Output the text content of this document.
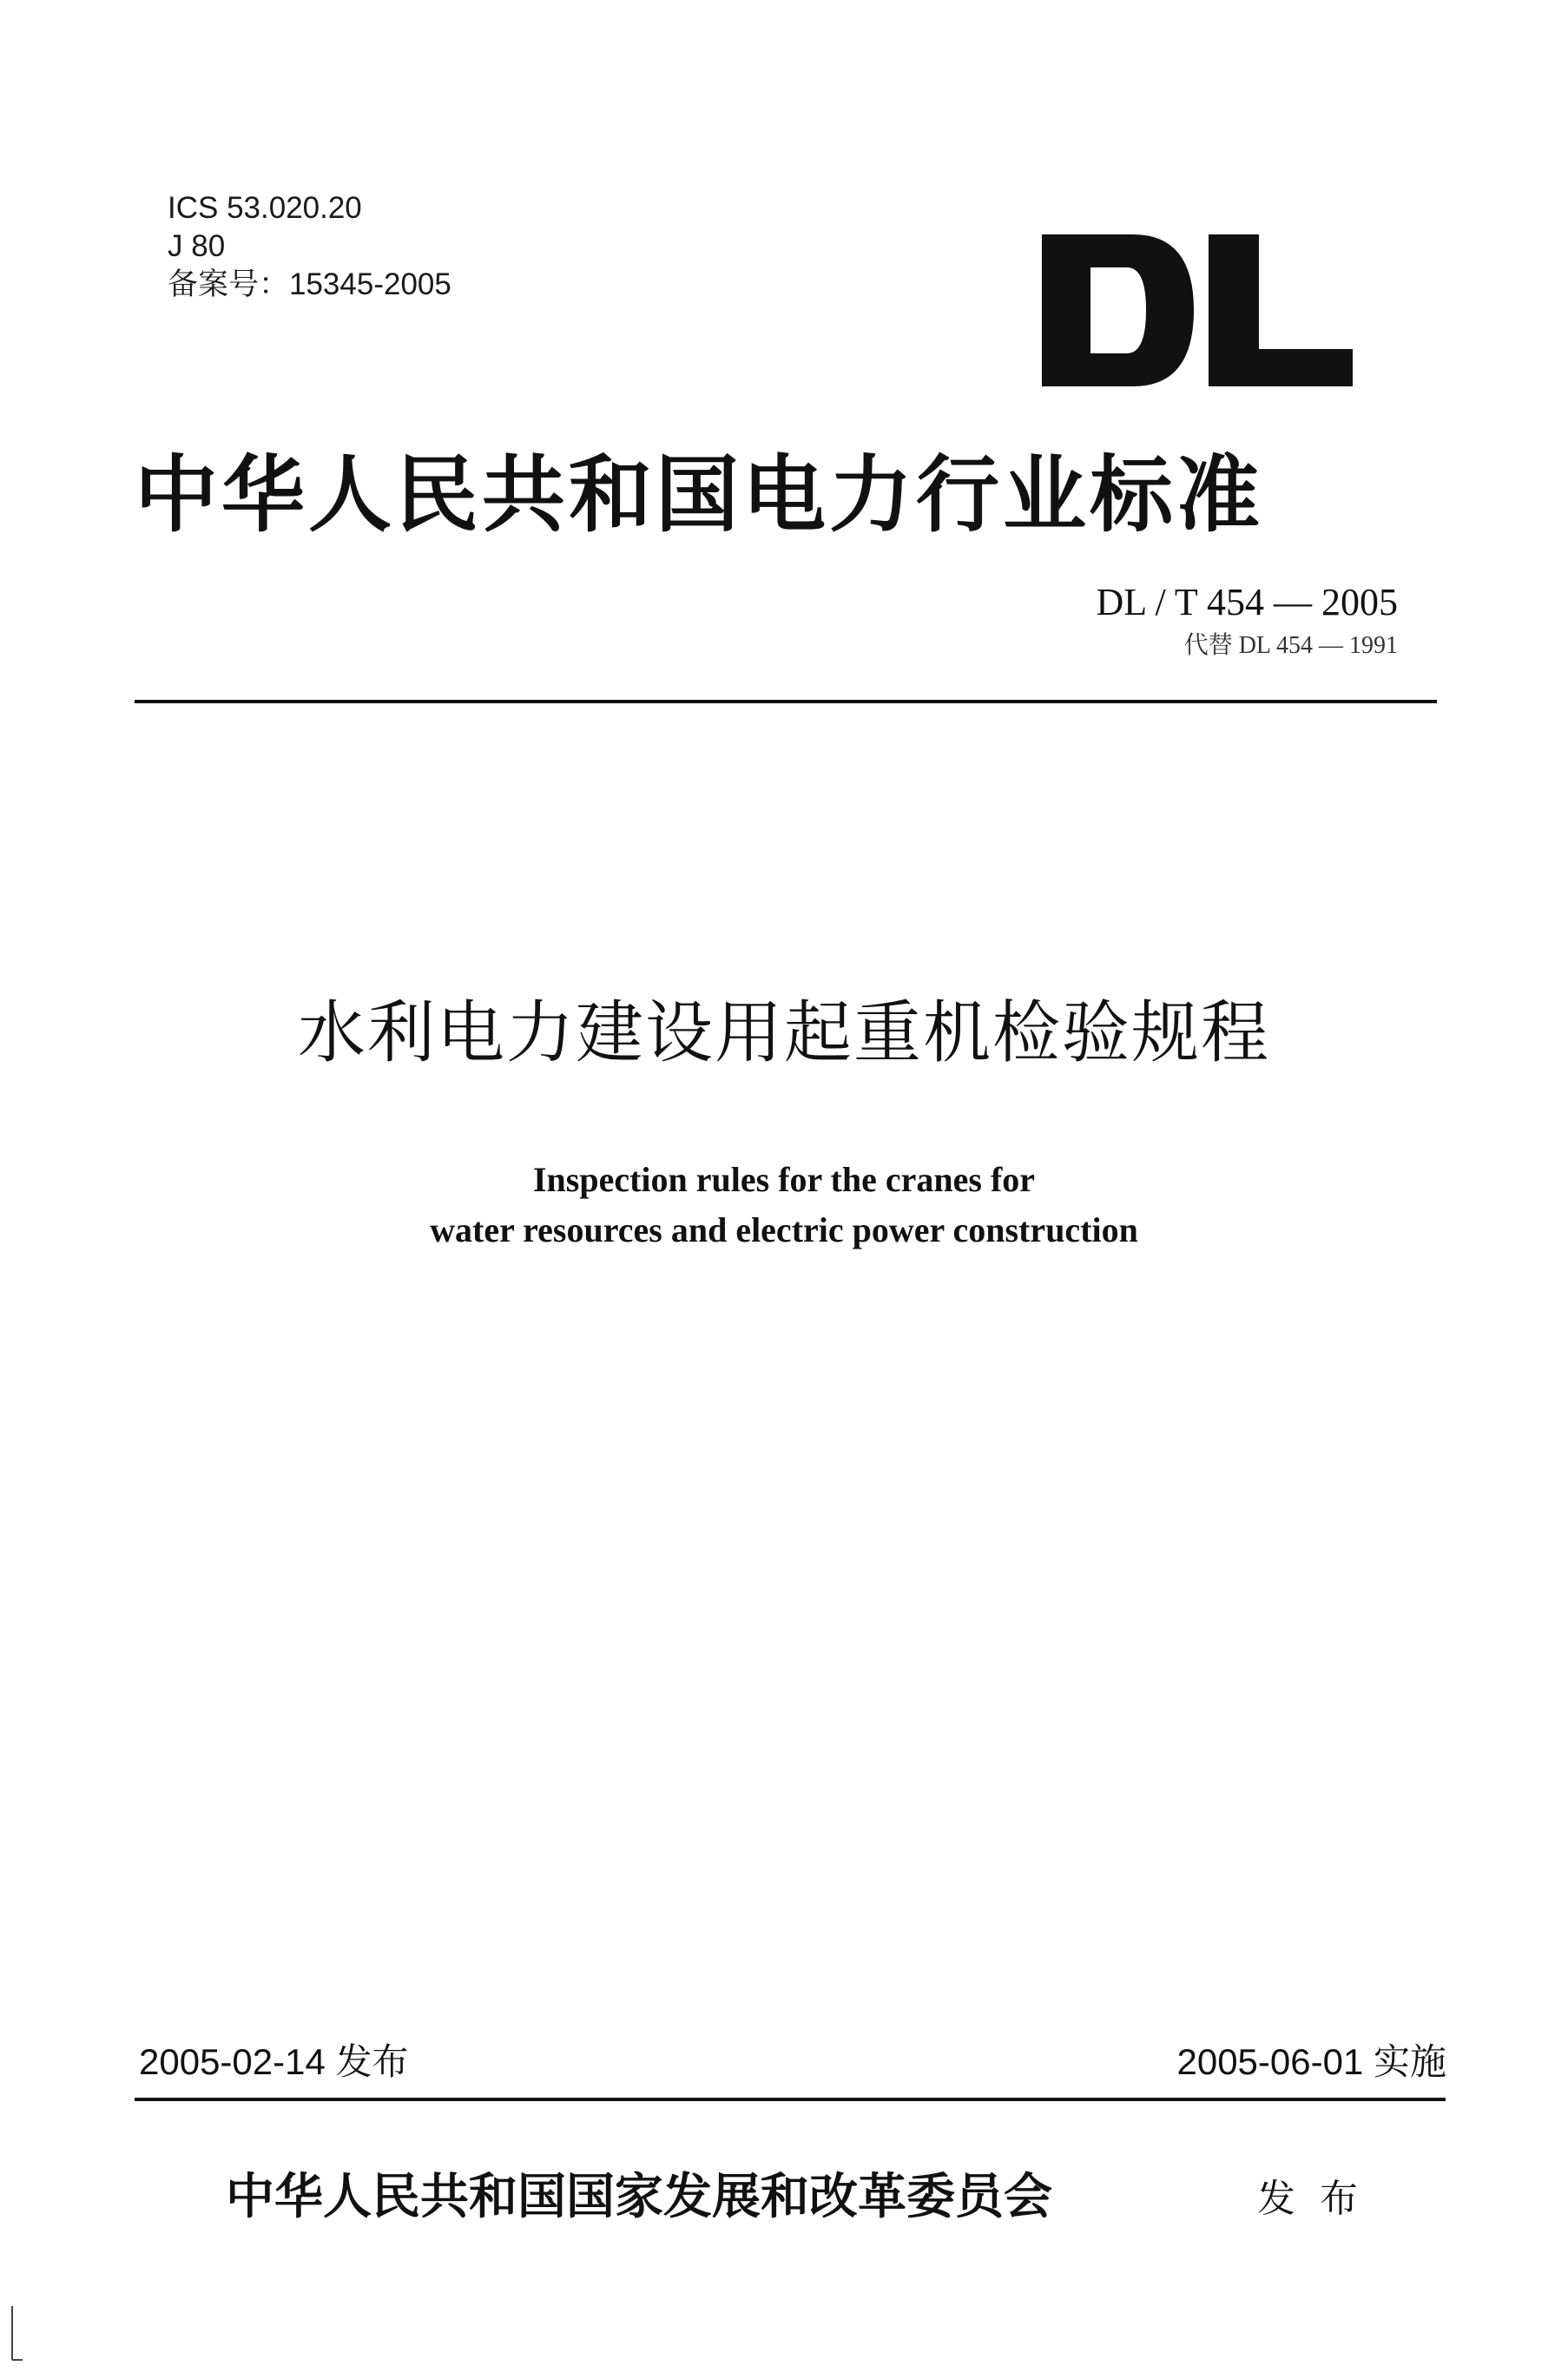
ICS 53.020.20
J 80
备案号：15345-2005
中华人民共和国电力行业标准
DL / T 454 — 2005
代替 DL 454 — 1991
水利电力建设用起重机检验规程
Inspection rules for the cranes for
water resources and electric power construction
2005-02-14 发布	2005-06-01 实施
中华人民共和国国家发展和改革委员会	发布
